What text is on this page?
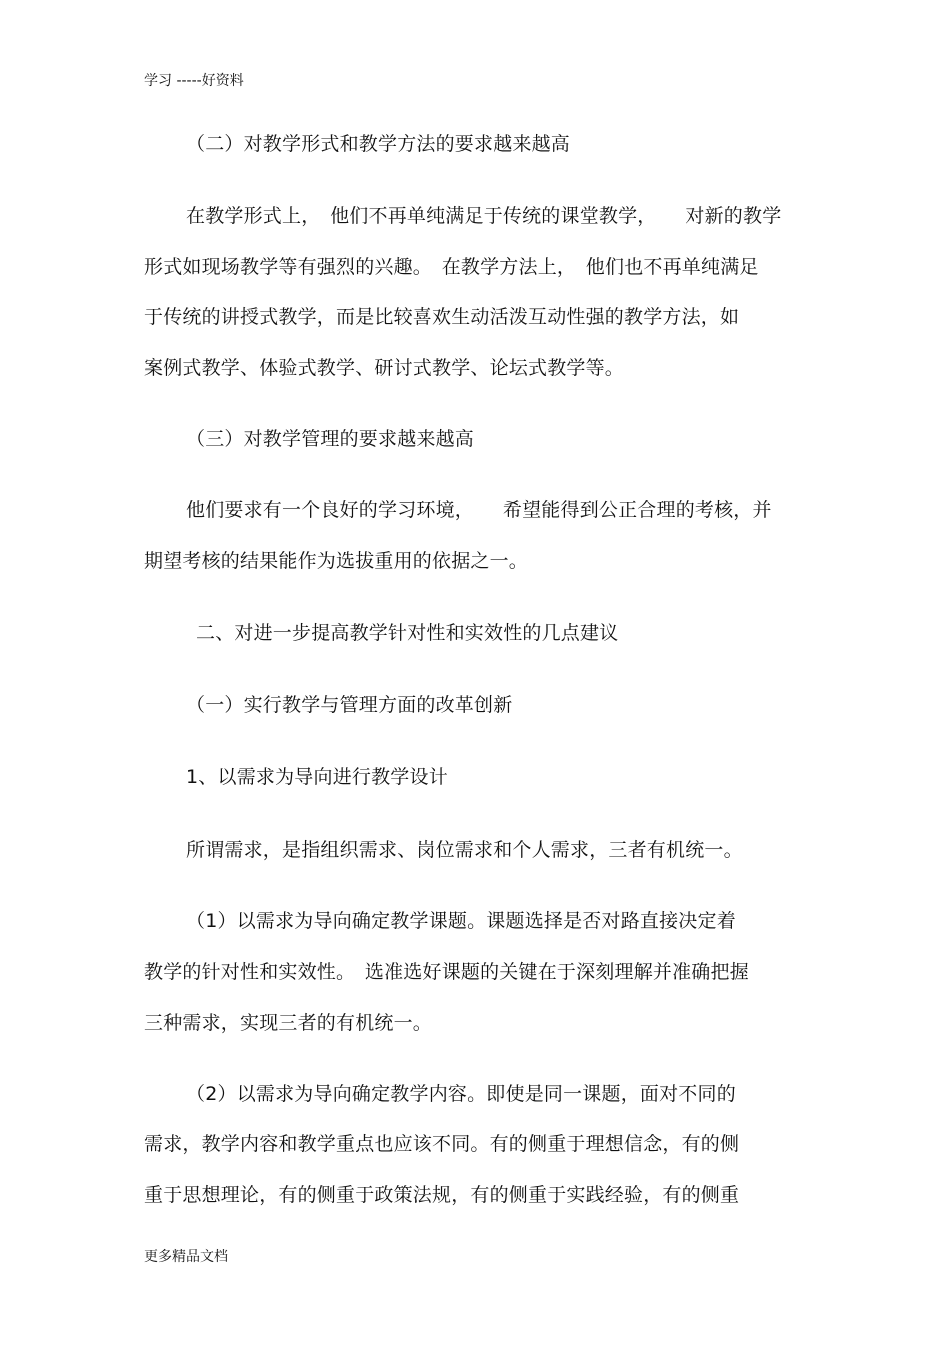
学习 -----好资料
（二）对教学形式和教学方法的要求越来越高
在教学形式上，　他们不再单纯满足于传统的课堂教学，　　对新的教学
形式如现场教学等有强烈的兴趣。　在教学方法上，　他们也不再单纯满足
于传统的讲授式教学，而是比较喜欢生动活泼互动性强的教学方法，如
案例式教学、体验式教学、研讨式教学、论坛式教学等。
（三）对教学管理的要求越来越高
他们要求有一个良好的学习环境，　　希望能得到公正合理的考核，并
期望考核的结果能作为选拔重用的依据之一。
二、对进一步提高教学针对性和实效性的几点建议
（一）实行教学与管理方面的改革创新
1、以需求为导向进行教学设计
所谓需求，是指组织需求、岗位需求和个人需求，三者有机统一。
（1）以需求为导向确定教学课题。课题选择是否对路直接决定着
教学的针对性和实效性。　选准选好课题的关键在于深刻理解并准确把握
三种需求，实现三者的有机统一。
（2）以需求为导向确定教学内容。即使是同一课题，面对不同的
需求，教学内容和教学重点也应该不同。有的侧重于理想信念，有的侧
重于思想理论，有的侧重于政策法规，有的侧重于实践经验，有的侧重
更多精品文档
